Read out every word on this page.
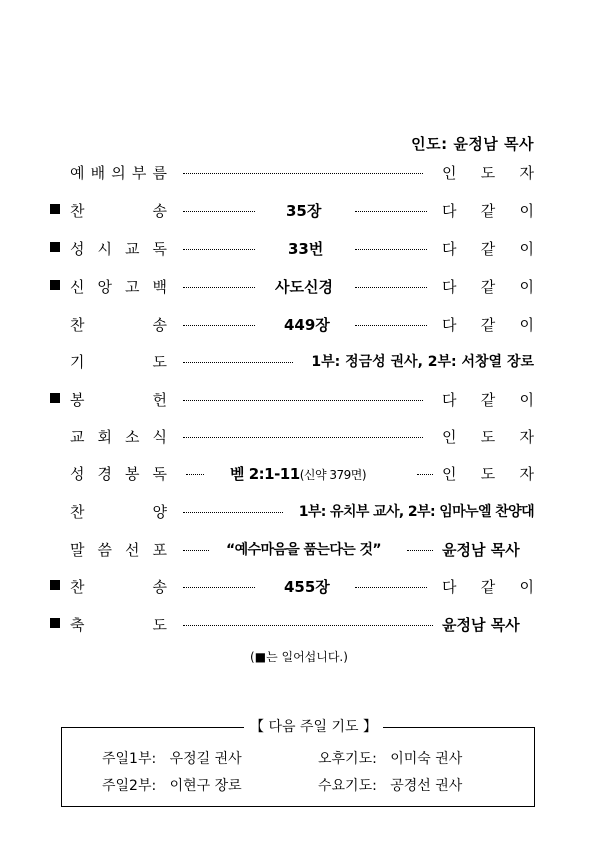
인도: 윤정남 목사
예 배 의 부 름	인 도 자
찬	송	35장	다 같 이
성 시 교 독	33번	다 같 이
신 앙 고 백	사도신경	다 같 이
찬	송	449장	다 같 이
기	도	1부: 정금성 권사, 2부: 서창열 장로
봉	헌	다 같 이
교 회 소 식	인 도 자
성 경 봉 독	벧 2:1-11(신약 379면)	인 도 자
찬	양	1부: 유치부 교사, 2부: 임마누엘 찬양대
말 씀 선 포	“예수마음을 품는다는 것”	윤정남 목사
찬	송	455장	다 같 이
축	도	윤정남 목사
(■는 일어섭니다.)
【 다음 주일 기도 】
주일1부: 우정길 권사	오후기도: 이미숙 권사
주일2부: 이현구 장로	수요기도: 공경선 권사
